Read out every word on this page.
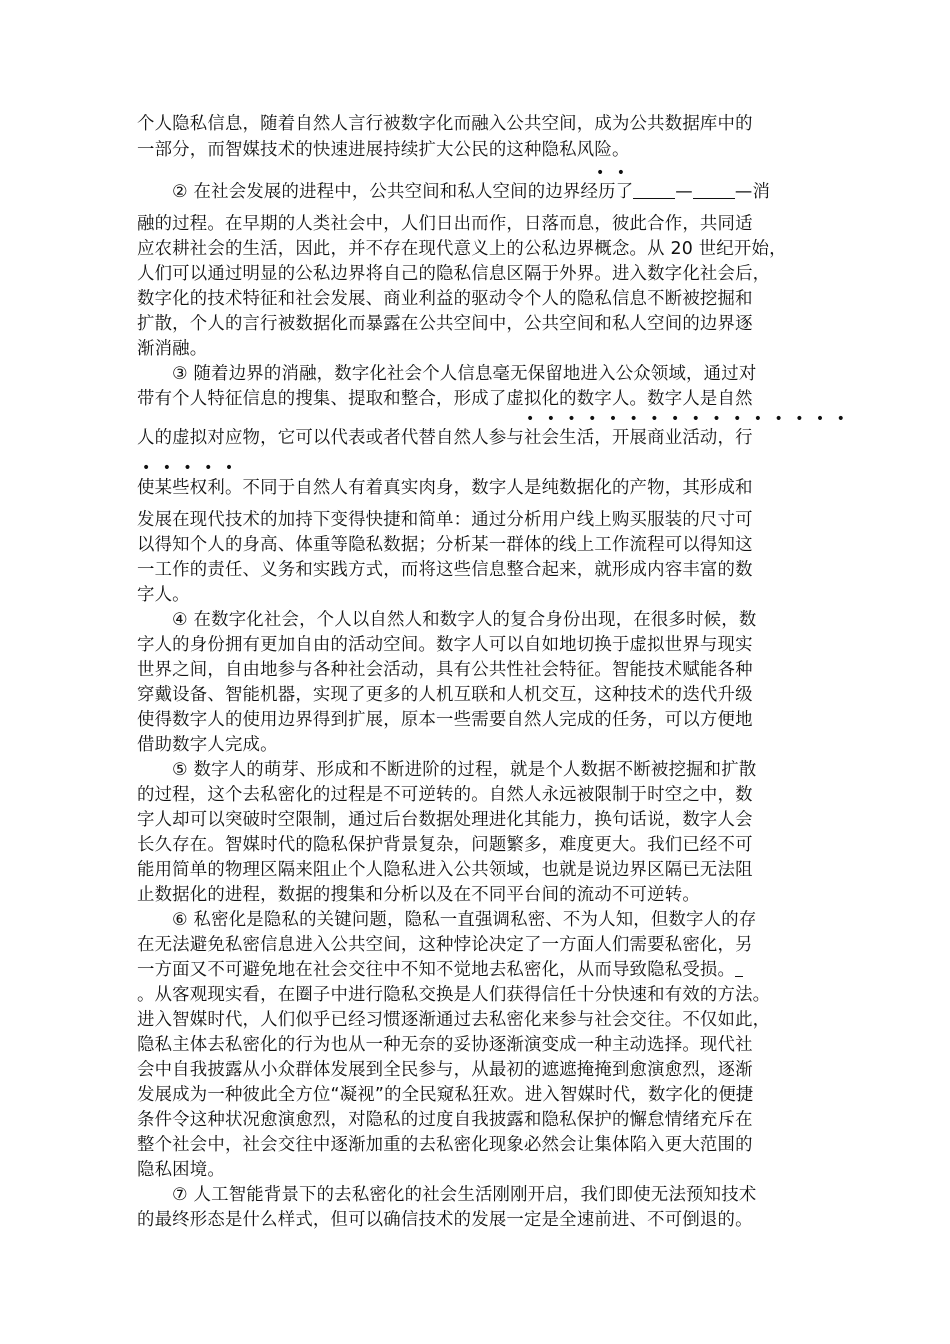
个人隐私信息，随着自然人言行被数字化而融入公共空间，成为公共数据库中的
一部分，而智媒技术的快速进展持续扩大公民的这种隐私风险。
• •
② 在社会发展的进程中，公共空间和私人空间的边界经历了 — —消
融的过程。在早期的人类社会中，人们日出而作，日落而息，彼此合作，共同适
应农耕社会的生活，因此，并不存在现代意义上的公私边界概念。从 20 世纪开始，
人们可以通过明显的公私边界将自己的隐私信息区隔于外界。进入数字化社会后，
数字化的技术特征和社会发展、商业利益的驱动令个人的隐私信息不断被挖掘和
扩散，个人的言行被数据化而暴露在公共空间中，公共空间和私人空间的边界逐
渐消融。
③ 随着边界的消融，数字化社会个人信息毫无保留地进入公众领域，通过对
带有个人特征信息的搜集、提取和整合，形成了虚拟化的数字人。数字人是自然
• • • • • • • • • • • • • • • •
人的虚拟对应物，它可以代表或者代替自然人参与社会生活，开展商业活动，行
• • • • •
使某些权利。不同于自然人有着真实肉身，数字人是纯数据化的产物，其形成和
发展在现代技术的加持下变得快捷和简单：通过分析用户线上购买服装的尺寸可
以得知个人的身高、体重等隐私数据；分析某一群体的线上工作流程可以得知这
一工作的责任、义务和实践方式，而将这些信息整合起来，就形成内容丰富的数
字人。
④ 在数字化社会，个人以自然人和数字人的复合身份出现，在很多时候，数
字人的身份拥有更加自由的活动空间。数字人可以自如地切换于虚拟世界与现实
世界之间，自由地参与各种社会活动，具有公共性社会特征。智能技术赋能各种
穿戴设备、智能机器，实现了更多的人机互联和人机交互，这种技术的迭代升级
使得数字人的使用边界得到扩展，原本一些需要自然人完成的任务，可以方便地
借助数字人完成。
⑤ 数字人的萌芽、形成和不断进阶的过程，就是个人数据不断被挖掘和扩散
的过程，这个去私密化的过程是不可逆转的。自然人永远被限制于时空之中，数
字人却可以突破时空限制，通过后台数据处理进化其能力，换句话说，数字人会
长久存在。智媒时代的隐私保护背景复杂，问题繁多，难度更大。我们已经不可
能用简单的物理区隔来阻止个人隐私进入公共领域，也就是说边界区隔已无法阻
止数据化的进程，数据的搜集和分析以及在不同平台间的流动不可逆转。
⑥ 私密化是隐私的关键问题，隐私一直强调私密、不为人知，但数字人的存
在无法避免私密信息进入公共空间，这种悖论决定了一方面人们需要私密化，另
一方面又不可避免地在社会交往中不知不觉地去私密化，从而导致隐私受损。
。从客观现实看，在圈子中进行隐私交换是人们获得信任十分快速和有效的方法。
进入智媒时代，人们似乎已经习惯逐渐通过去私密化来参与社会交往。不仅如此，
隐私主体去私密化的行为也从一种无奈的妥协逐渐演变成一种主动选择。现代社
会中自我披露从小众群体发展到全民参与，从最初的遮遮掩掩到愈演愈烈，逐渐
发展成为一种彼此全方位“凝视”的全民窥私狂欢。进入智媒时代，数字化的便捷
条件令这种状况愈演愈烈，对隐私的过度自我披露和隐私保护的懈怠情绪充斥在
整个社会中，社会交往中逐渐加重的去私密化现象必然会让集体陷入更大范围的
隐私困境。
⑦ 人工智能背景下的去私密化的社会生活刚刚开启，我们即使无法预知技术
的最终形态是什么样式，但可以确信技术的发展一定是全速前进、不可倒退的。
